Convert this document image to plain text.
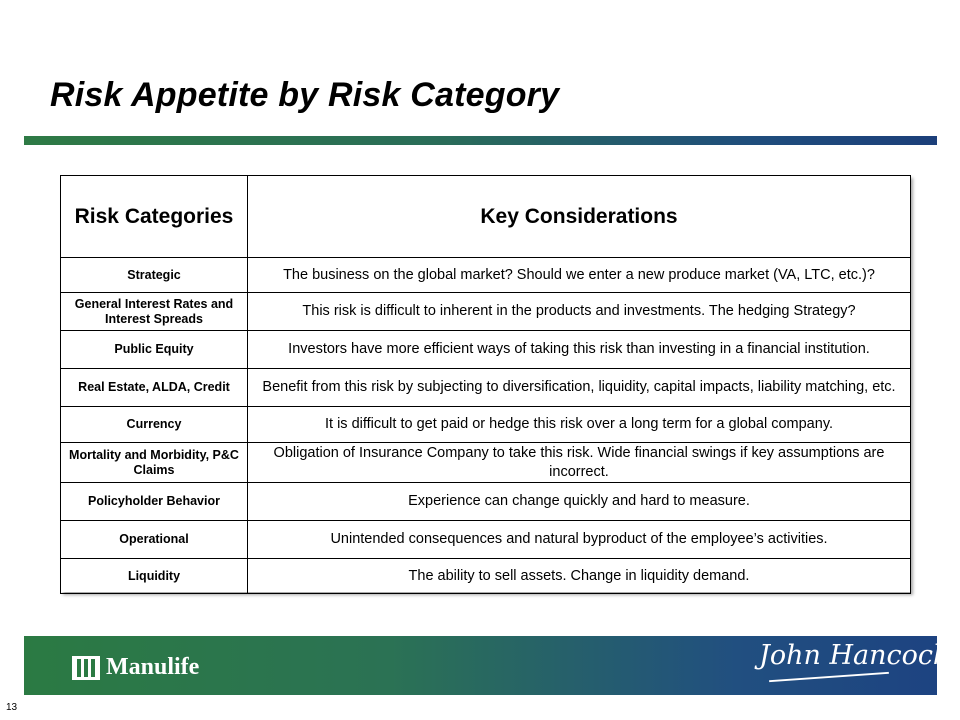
Risk Appetite by Risk Category
Risk Categories	Key Considerations
Strategic	The business on the global market? Should we enter a new produce market (VA, LTC, etc.)?
General Interest Rates and Interest Spreads	This risk is difficult to inherent in the products and investments. The hedging Strategy?
Public Equity	Investors have more efficient ways of taking this risk than investing in a financial institution.
Real Estate, ALDA, Credit	Benefit from this risk by subjecting to diversification, liquidity, capital impacts, liability matching, etc.
Currency	It is difficult to get paid or hedge this risk over a long term for a global company.
Mortality and Morbidity, P&C Claims	Obligation of Insurance Company to take this risk. Wide financial swings if key assumptions are incorrect.
Policyholder Behavior	Experience can change quickly and hard to measure.
Operational	Unintended consequences and natural byproduct of the employee’s activities.
Liquidity	The ability to sell assets. Change in liquidity demand.
Manulife	John Hancock.
13
